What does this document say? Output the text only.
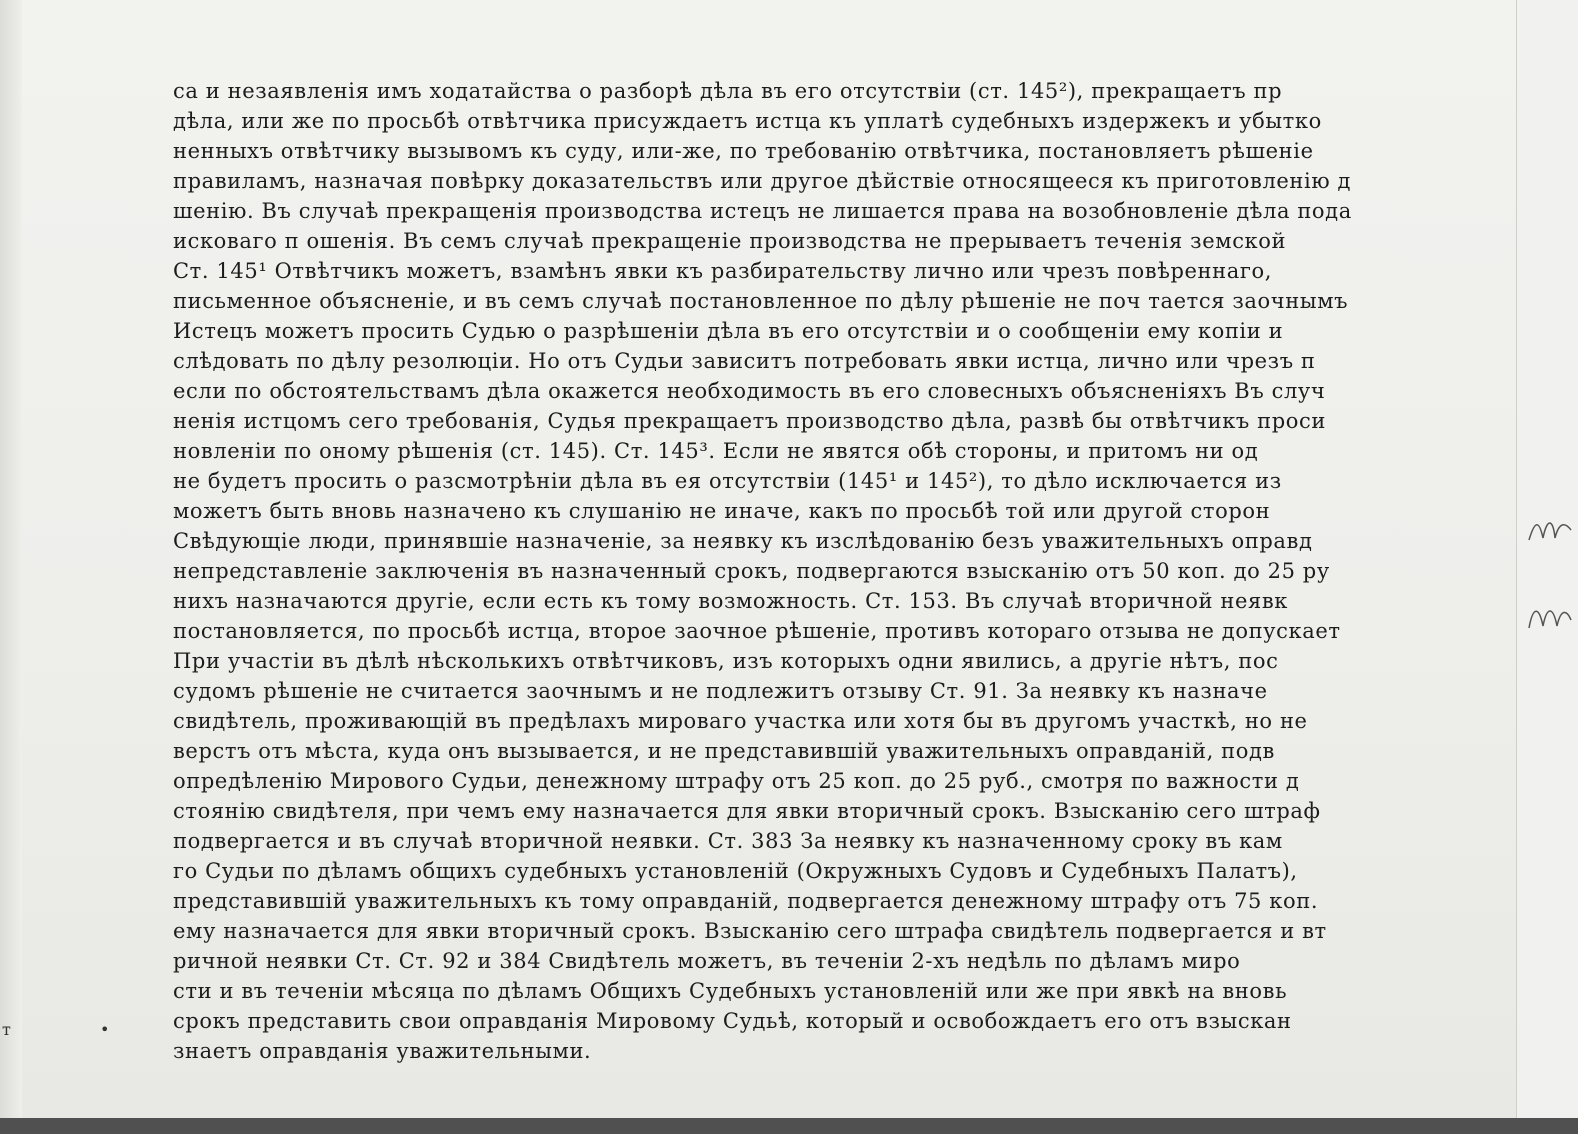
са и незаявленія имъ ходатайства о разборѣ дѣла въ его отсутствіи (ст. 145²), прекращаетъ пр
дѣла, или же по просьбѣ отвѣтчика присуждаетъ истца къ уплатѣ судебныхъ издержекъ и убытко
ненныхъ отвѣтчику вызывомъ къ суду, или-же, по требованію отвѣтчика, постановляетъ рѣшеніе
правиламъ, назначая повѣрку доказательствъ или другое дѣйствіе относящееся къ приготовленію д
шенію. Въ случаѣ прекращенія производства истецъ не лишается права на возобновленіе дѣла пода
исковаго п ошенія. Въ семъ случаѣ прекращеніе производства не прерываетъ теченія земской
Ст. 145¹ Отвѣтчикъ можетъ, взамѣнъ явки къ разбирательству лично или чрезъ повѣреннаго,
письменное объясненіе, и въ семъ случаѣ постановленное по дѣлу рѣшеніе не поч таетcя заочнымъ
Истецъ можетъ просить Судью о разрѣшеніи дѣла въ его отсутствіи и о сообщеніи ему копіи и
слѣдовать по дѣлу резолюціи. Но отъ Судьи зависитъ потребовать явки истца, лично или чрезъ п
если по обстоятельствамъ дѣла окажется необходимость въ его словесныхъ объясненіяхъ Въ случ
ненія истцомъ сего требованія, Судья прекращаетъ производство дѣла, развѣ бы отвѣтчикъ проси
новленіи по оному рѣшенія (ст. 145). Ст. 145³. Если не явятся обѣ стороны, и притомъ ни од
не будетъ просить о разсмотрѣніи дѣла въ ея отсутствіи (145¹ и 145²), то дѣло исключается из
можетъ быть вновь назначено къ слушанію не иначе, какъ по просьбѣ той или другой сторон
Свѣдующіе люди, принявшіе назначеніе, за неявку къ изслѣдованію безъ уважительныхъ оправд
непредставленіе заключенія въ назначенный срокъ, подвергаются взысканію отъ 50 коп. до 25 ру
нихъ назначаются другіе, если есть къ тому возможность. Ст. 153. Въ случаѣ вторичной неявк
постановляется, по просьбѣ истца, второе заочное рѣшеніе, противъ котораго отзыва не допускает
При участіи въ дѣлѣ нѣсколькихъ отвѣтчиковъ, изъ которыхъ одни явились, а другіе нѣтъ, пос
судомъ рѣшеніе не считается заочнымъ и не подлежитъ отзыву Ст. 91. За неявку къ назначе
свидѣтель, проживающій въ предѣлахъ мироваго участка или хотя бы въ другомъ участкѣ, но не
верстъ отъ мѣста, куда онъ вызывается, и не представившій уважительныхъ оправданій, подв
опредѣленію Мирового Судьи, денежному штрафу отъ 25 коп. до 25 руб., смотря по важности д
стоянію свидѣтеля, при чемъ ему назначается для явки вторичный срокъ. Взысканію сего штраф
подвергается и въ случаѣ вторичной неявки. Ст. 383 За неявку къ назначенному сроку въ кам
го Судьи по дѣламъ общихъ судебныхъ установленій (Окружныхъ Судовъ и Судебныхъ Палатъ),
представившій уважительныхъ къ тому оправданій, подвергается денежному штрафу отъ 75 коп.
ему назначается для явки вторичный срокъ. Взысканію сего штрафа свидѣтель подвергается и вт
ричной неявки Ст. Ст. 92 и 384 Свидѣтель можетъ, въ теченіи 2-хъ недѣль по дѣламъ миро
сти и въ теченіи мѣсяца по дѣламъ Общихъ Судебныхъ установленій или же при явкѣ на вновь
срокъ представить свои оправданія Мировому Судьѣ, который и освобождаетъ его отъ взыскан
знаетъ оправданія уважительными.
т	•
